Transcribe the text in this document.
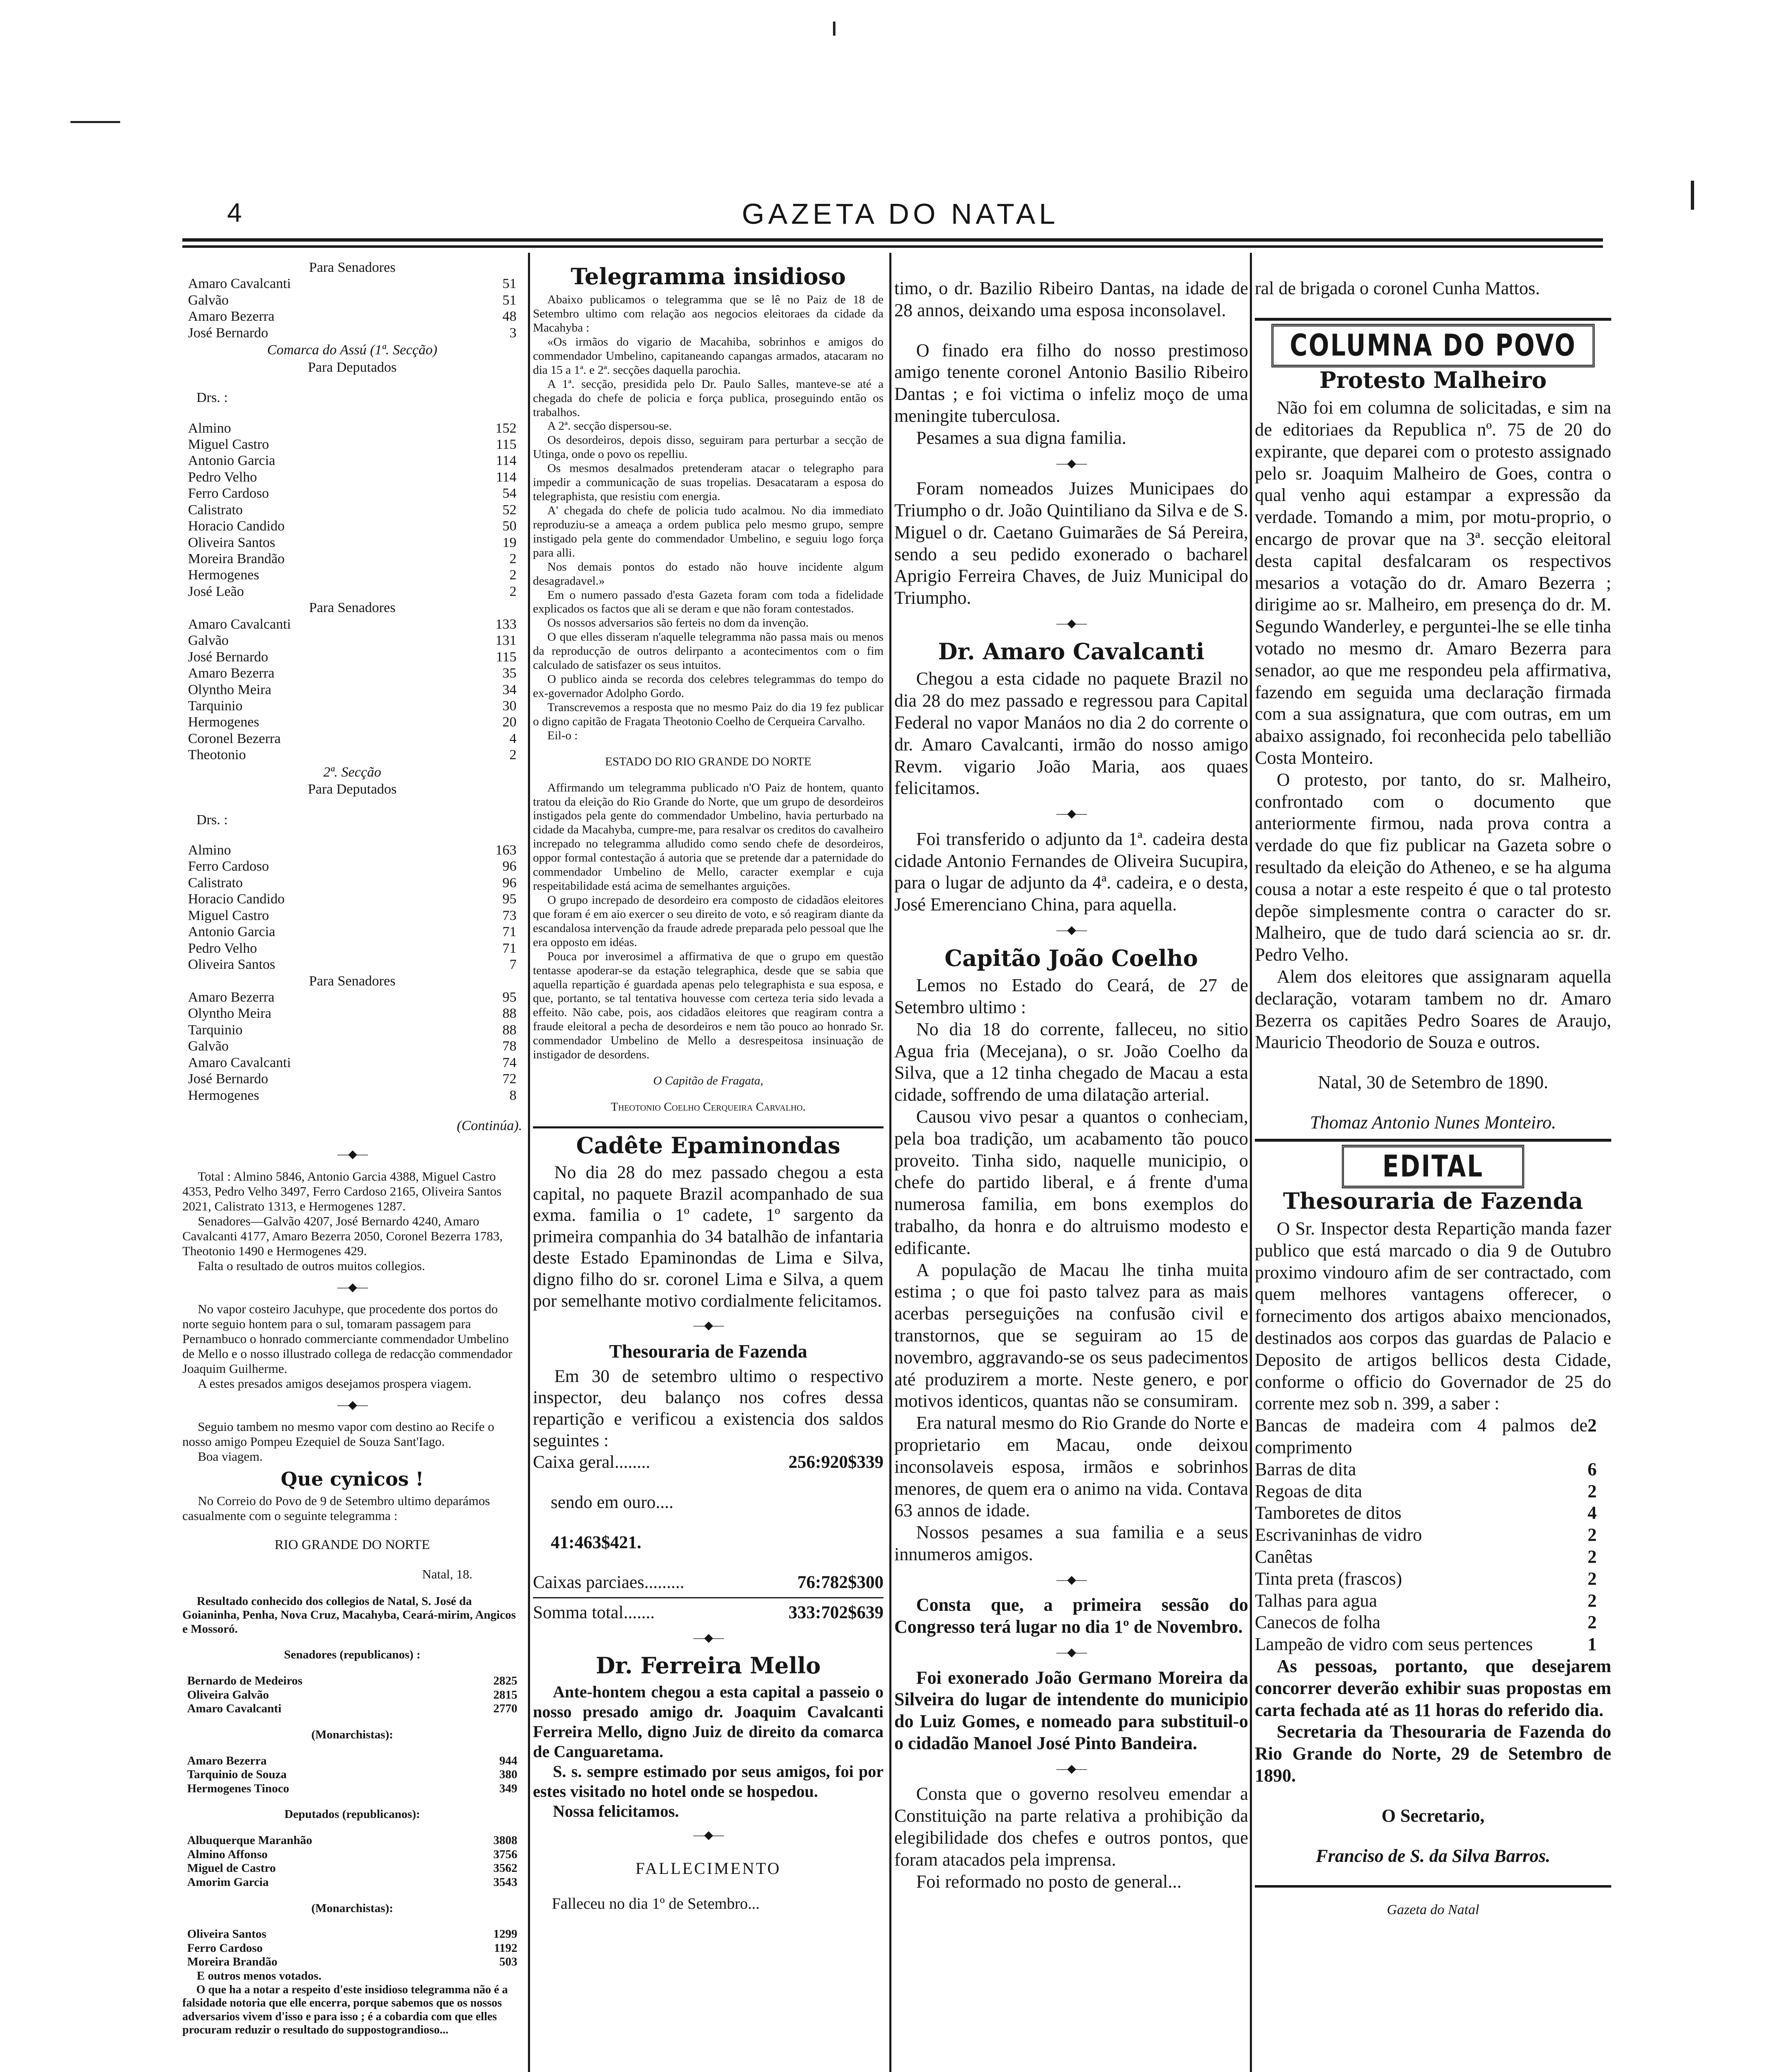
4	GAZETA DO NATAL

Para Senadores

Amaro Cavalcanti	51

Galvão	51

Amaro Bezerra	48

José Bernardo	3

Comarca do Assú (1ª. Secção)

Para Deputados

Drs. :

Almino	152

Miguel Castro	115

Antonio Garcia	114

Pedro Velho	114

Ferro Cardoso	54

Calistrato	52

Horacio Candido	50

Oliveira Santos	19

Moreira Brandão	2

Hermogenes	2

José Leão	2

Para Senadores

Amaro Cavalcanti	133

Galvão	131

José Bernardo	115

Amaro Bezerra	35

Olyntho Meira	34

Tarquinio	30

Hermogenes	20

Coronel Bezerra	4

Theotonio	2

2ª. Secção

Para Deputados

Drs. :

Almino	163

Ferro Cardoso	96

Calistrato	96

Horacio Candido	95

Miguel Castro	73

Antonio Garcia	71

Pedro Velho	71

Oliveira Santos	7

Para Senadores

Amaro Bezerra	95

Olyntho Meira	88

Tarquinio	88

Galvão	78

Amaro Cavalcanti	74

José Bernardo	72

Hermogenes	8

(Continúa).

—◆—

Total : Almino 5846, Antonio Garcia 4388, Miguel Castro 4353, Pedro Velho 3497, Ferro Cardoso 2165, Oliveira Santos 2021, Calistrato 1313, e Hermogenes 1287.

Senadores—Galvão 4207, José Bernardo 4240, Amaro Cavalcanti 4177, Amaro Bezerra 2050, Coronel Bezerra 1783, Theotonio 1490 e Hermogenes 429.

Falta o resultado de outros muitos collegios.

—◆—

No vapor costeiro Jacuhype, que procedente dos portos do norte seguio hontem para o sul, tomaram passagem para Pernambuco o honrado commerciante commendador Umbelino de Mello e o nosso illustrado collega de redacção commendador Joaquim Guilherme.

A estes presados amigos desejamos prospera viagem.

—◆—

Seguio tambem no mesmo vapor com destino ao Recife o nosso amigo Pompeu Ezequiel de Souza Sant'Iago.

Boa viagem.

Que cynicos !

No Correio do Povo de 9 de Setembro ultimo deparámos casualmente com o seguinte telegramma :

RIO GRANDE DO NORTE

Natal, 18.

Resultado conhecido dos collegios de Natal, S. José da Goianinha, Penha, Nova Cruz, Macahyba, Ceará-mirim, Angicos e Mossoró.

Senadores (republicanos) :

Bernardo de Medeiros	2825

Oliveira Galvão	2815

Amaro Cavalcanti	2770

(Monarchistas):

Amaro Bezerra	944

Tarquinio de Souza	380

Hermogenes Tinoco	349

Deputados (republicanos):

Albuquerque Maranhão	3808

Almino Affonso	3756

Miguel de Castro	3562

Amorim Garcia	3543

(Monarchistas):

Oliveira Santos	1299

Ferro Cardoso	1192

Moreira Brandão	503

E outros menos votados.

O que ha a notar a respeito d'este insidioso telegramma não é a falsidade notoria que elle encerra, porque sabemos que os nossos adversarios vivem d'isso e para isso ; é a cobardia com que elles procuram reduzir o resultado do suppostograndioso...

Telegramma insidioso

Abaixo publicamos o telegramma que se lê no Paiz de 18 de Setembro ultimo com relação aos negocios eleitoraes da cidade da Macahyba :

«Os irmãos do vigario de Macahiba, sobrinhos e amigos do commendador Umbelino, capitaneando capangas armados, atacaram no dia 15 a 1ª. e 2ª. secções daquella parochia.

A 1ª. secção, presidida pelo Dr. Paulo Salles, manteve-se até a chegada do chefe de policia e força publica, proseguindo então os trabalhos.

A 2ª. secção dispersou-se.

Os desordeiros, depois disso, seguiram para perturbar a secção de Utinga, onde o povo os repelliu.

Os mesmos desalmados pretenderam atacar o telegrapho para impedir a communicação de suas tropelias. Desacataram a esposa do telegraphista, que resistiu com energia.

A' chegada do chefe de policia tudo acalmou. No dia immediato reproduziu-se a ameaça a ordem publica pelo mesmo grupo, sempre instigado pela gente do commendador Umbelino, e seguiu logo força para alli.

Nos demais pontos do estado não houve incidente algum desagradavel.»

Em o numero passado d'esta Gazeta foram com toda a fidelidade explicados os factos que ali se deram e que não foram contestados.

Os nossos adversarios são ferteis no dom da invenção.

O que elles disseram n'aquelle telegramma não passa mais ou menos da reproducção de outros delirpanto a acontecimentos com o fim calculado de satisfazer os seus intuitos.

O publico ainda se recorda dos celebres telegrammas do tempo do ex-governador Adolpho Gordo.

Transcrevemos a resposta que no mesmo Paiz do dia 19 fez publicar o digno capitão de Fragata Theotonio Coelho de Cerqueira Carvalho.

Eil-o :

ESTADO DO RIO GRANDE DO NORTE

Affirmando um telegramma publicado n'O Paiz de hontem, quanto tratou da eleição do Rio Grande do Norte, que um grupo de desordeiros instigados pela gente do commendador Umbelino, havia perturbado na cidade da Macahyba, cumpre-me, para resalvar os creditos do cavalheiro increpado no telegramma alludido como sendo chefe de desordeiros, oppor formal contestação á autoria que se pretende dar a paternidade do commendador Umbelino de Mello, caracter exemplar e cuja respeitabilidade está acima de semelhantes arguições.

O grupo increpado de desordeiro era composto de cidadãos eleitores que foram é em aio exercer o seu direito de voto, e só reagiram diante da escandalosa intervenção da fraude adrede preparada pelo pessoal que lhe era opposto em idéas.

Pouca por inverosimel a affirmativa de que o grupo em questão tentasse apoderar-se da estação telegraphica, desde que se sabia que aquella repartição é guardada apenas pelo telegraphista e sua esposa, e que, portanto, se tal tentativa houvesse com certeza teria sido levada a effeito. Não cabe, pois, aos cidadãos eleitores que reagiram contra a fraude eleitoral a pecha de desordeiros e nem tão pouco ao honrado Sr. commendador Umbelino de Mello a desrespeitosa insinuação de instigador de desordens.

O Capitão de Fragata,

Theotonio Coelho Cerqueira Carvalho.

Cadête Epaminondas

No dia 28 do mez passado chegou a esta capital, no paquete Brazil acompanhado de sua exma. familia o 1º cadete, 1º sargento da primeira companhia do 34 batalhão de infantaria deste Estado Epaminondas de Lima e Silva, digno filho do sr. coronel Lima e Silva, a quem por semelhante motivo cordialmente felicitamos.

—◆—
Thesouraria de Fazenda

Em 30 de setembro ultimo o respectivo inspector, deu balanço nos cofres dessa repartição e verificou a existencia dos saldos seguintes :

Caixa geral........	256:920$339

sendo em ouro....

41:463$421.

Caixas parciaes.........	76:782$300

Somma total.......	333:702$639

—◆—
Dr. Ferreira Mello

Ante-hontem chegou a esta capital a passeio o nosso presado amigo dr. Joaquim Cavalcanti Ferreira Mello, digno Juiz de direito da comarca de Canguaretama.

S. s. sempre estimado por seus amigos, foi por estes visitado no hotel onde se hospedou.

Nossa felicitamos.

—◆—

FALLECIMENTO

Falleceu no dia 1º de Setembro...

timo, o dr. Bazilio Ribeiro Dantas, na idade de 28 annos, deixando uma esposa inconsolavel.

O finado era filho do nosso prestimoso amigo tenente coronel Antonio Basilio Ribeiro Dantas ; e foi victima o infeliz moço de uma meningite tuberculosa.

Pesames a sua digna familia.

—◆—

Foram nomeados Juizes Municipaes do Triumpho o dr. João Quintiliano da Silva e de S. Miguel o dr. Caetano Guimarães de Sá Pereira, sendo a seu pedido exonerado o bacharel Aprigio Ferreira Chaves, de Juiz Municipal do Triumpho.

—◆—
Dr. Amaro Cavalcanti

Chegou a esta cidade no paquete Brazil no dia 28 do mez passado e regressou para Capital Federal no vapor Manáos no dia 2 do corrente o dr. Amaro Cavalcanti, irmão do nosso amigo Revm. vigario João Maria, aos quaes felicitamos.

—◆—

Foi transferido o adjunto da 1ª. cadeira desta cidade Antonio Fernandes de Oliveira Sucupira, para o lugar de adjunto da 4ª. cadeira, e o desta, José Emerenciano China, para aquella.

—◆—
Capitão João Coelho

Lemos no Estado do Ceará, de 27 de Setembro ultimo :

No dia 18 do corrente, falleceu, no sitio Agua fria (Mecejana), o sr. João Coelho da Silva, que a 12 tinha chegado de Macau a esta cidade, soffrendo de uma dilatação arterial.

Causou vivo pesar a quantos o conheciam, pela boa tradição, um acabamento tão pouco proveito. Tinha sido, naquelle municipio, o chefe do partido liberal, e á frente d'uma numerosa familia, em bons exemplos do trabalho, da honra e do altruismo modesto e edificante.

A população de Macau lhe tinha muita estima ; o que foi pasto talvez para as mais acerbas perseguições na confusão civil e transtornos, que se seguiram ao 15 de novembro, aggravando-se os seus padecimentos até produzirem a morte. Neste genero, e por motivos identicos, quantas não se consumiram.

Era natural mesmo do Rio Grande do Norte e proprietario em Macau, onde deixou inconsolaveis esposa, irmãos e sobrinhos menores, de quem era o animo na vida. Contava 63 annos de idade.

Nossos pesames a sua familia e a seus innumeros amigos.

—◆—

Consta que, a primeira sessão do Congresso terá lugar no dia 1º de Novembro.

—◆—

Foi exonerado João Germano Moreira da Silveira do lugar de intendente do municipio do Luiz Gomes, e nomeado para substituil-o o cidadão Manoel José Pinto Bandeira.

—◆—

Consta que o governo resolveu emendar a Constituição na parte relativa a prohibição da elegibilidade dos chefes e outros pontos, que foram atacados pela imprensa.

Foi reformado no posto de general...

ral de brigada o coronel Cunha Mattos.

COLUMNA DO POVO
Protesto Malheiro

Não foi em columna de solicitadas, e sim na de editoriaes da Republica nº. 75 de 20 do expirante, que deparei com o protesto assignado pelo sr. Joaquim Malheiro de Goes, contra o qual venho aqui estampar a expressão da verdade. Tomando a mim, por motu-proprio, o encargo de provar que na 3ª. secção eleitoral desta capital desfalcaram os respectivos mesarios a votação do dr. Amaro Bezerra ; dirigime ao sr. Malheiro, em presença do dr. M. Segundo Wanderley, e perguntei-lhe se elle tinha votado no mesmo dr. Amaro Bezerra para senador, ao que me respondeu pela affirmativa, fazendo em seguida uma declaração firmada com a sua assignatura, que com outras, em um abaixo assignado, foi reconhecida pelo tabellião Costa Monteiro.

O protesto, por tanto, do sr. Malheiro, confrontado com o documento que anteriormente firmou, nada prova contra a verdade do que fiz publicar na Gazeta sobre o resultado da eleição do Atheneo, e se ha alguma cousa a notar a este respeito é que o tal protesto depõe simplesmente contra o caracter do sr. Malheiro, que de tudo dará sciencia ao sr. dr. Pedro Velho.

Alem dos eleitores que assignaram aquella declaração, votaram tambem no dr. Amaro Bezerra os capitães Pedro Soares de Araujo, Mauricio Theodorio de Souza e outros.

Natal, 30 de Setembro de 1890.

Thomaz Antonio Nunes Monteiro.

EDITAL
Thesouraria de Fazenda

O Sr. Inspector desta Repartição manda fazer publico que está marcado o dia 9 de Outubro proximo vindouro afim de ser contractado, com quem melhores vantagens offerecer, o fornecimento dos artigos abaixo mencionados, destinados aos corpos das guardas de Palacio e Deposito de artigos bellicos desta Cidade, conforme o officio do Governador de 25 do corrente mez sob n. 399, a saber :

Bancas de madeira com 4 palmos de comprimento
2

Barras de dita	6

Regoas de dita	2

Tamboretes de ditos	4

Escrivaninhas de vidro	2

Canêtas	2

Tinta preta (frascos)	2

Talhas para agua	2

Canecos de folha	2

Lampeão de vidro com seus pertences	1

As pessoas, portanto, que desejarem concorrer deverão exhibir suas propostas em carta fechada até as 11 horas do referido dia.

Secretaria da Thesouraria de Fazenda do Rio Grande do Norte, 29 de Setembro de 1890.

O Secretario,

Franciso de S. da Silva Barros.

Gazeta do Natal
